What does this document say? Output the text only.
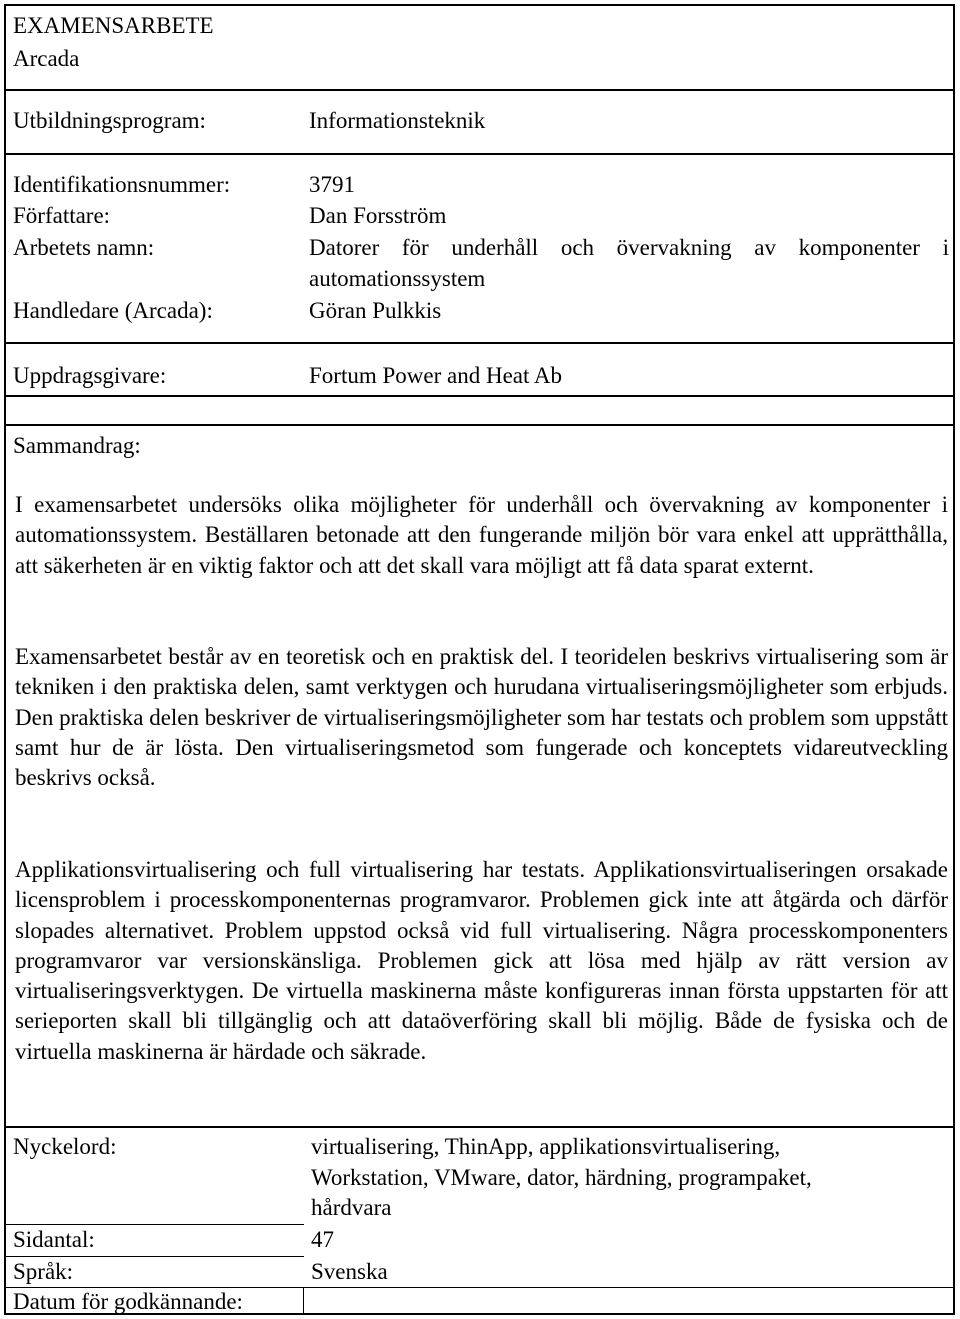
EXAMENSARBETE
Arcada
Utbildningsprogram:	Informationsteknik
Identifikationsnummer:	3791
Författare:	Dan Forsström
Arbetets namn:	Datorer för underhåll och övervakning av komponenter i
automationssystem
Handledare (Arcada):	Göran Pulkkis
Uppdragsgivare:	Fortum Power and Heat Ab
Sammandrag:
I examensarbetet undersöks olika möjligheter för underhåll och övervakning av komponenter i automationssystem. Beställaren betonade att den fungerande miljön bör vara enkel att upprätthålla, att säkerheten är en viktig faktor och att det skall vara möjligt att få data sparat externt.
Examensarbetet består av en teoretisk och en praktisk del. I teoridelen beskrivs virtualisering som är tekniken i den praktiska delen, samt verktygen och hurudana virtualiseringsmöjligheter som erbjuds. Den praktiska delen beskriver de virtualiseringsmöjligheter som har testats och problem som uppstått samt hur de är lösta. Den virtualiseringsmetod som fungerade och konceptets vidareutveckling beskrivs också.
Applikationsvirtualisering och full virtualisering har testats. Applikationsvirtualiseringen orsakade licensproblem i processkomponenternas programvaror. Problemen gick inte att åtgärda och därför slopades alternativet. Problem uppstod också vid full virtualisering. Några processkomponenters programvaror var versionskänsliga. Problemen gick att lösa med hjälp av rätt version av virtualiseringsverktygen. De virtuella maskinerna måste konfigureras innan första uppstarten för att serieporten skall bli tillgänglig och att dataöverföring skall bli möjlig. Både de fysiska och de virtuella maskinerna är härdade och säkrade.
Nyckelord:	virtualisering, ThinApp, applikationsvirtualisering,
Workstation, VMware, dator, härdning, programpaket,
hårdvara
Sidantal:	47
Språk:	Svenska
Datum för godkännande:
